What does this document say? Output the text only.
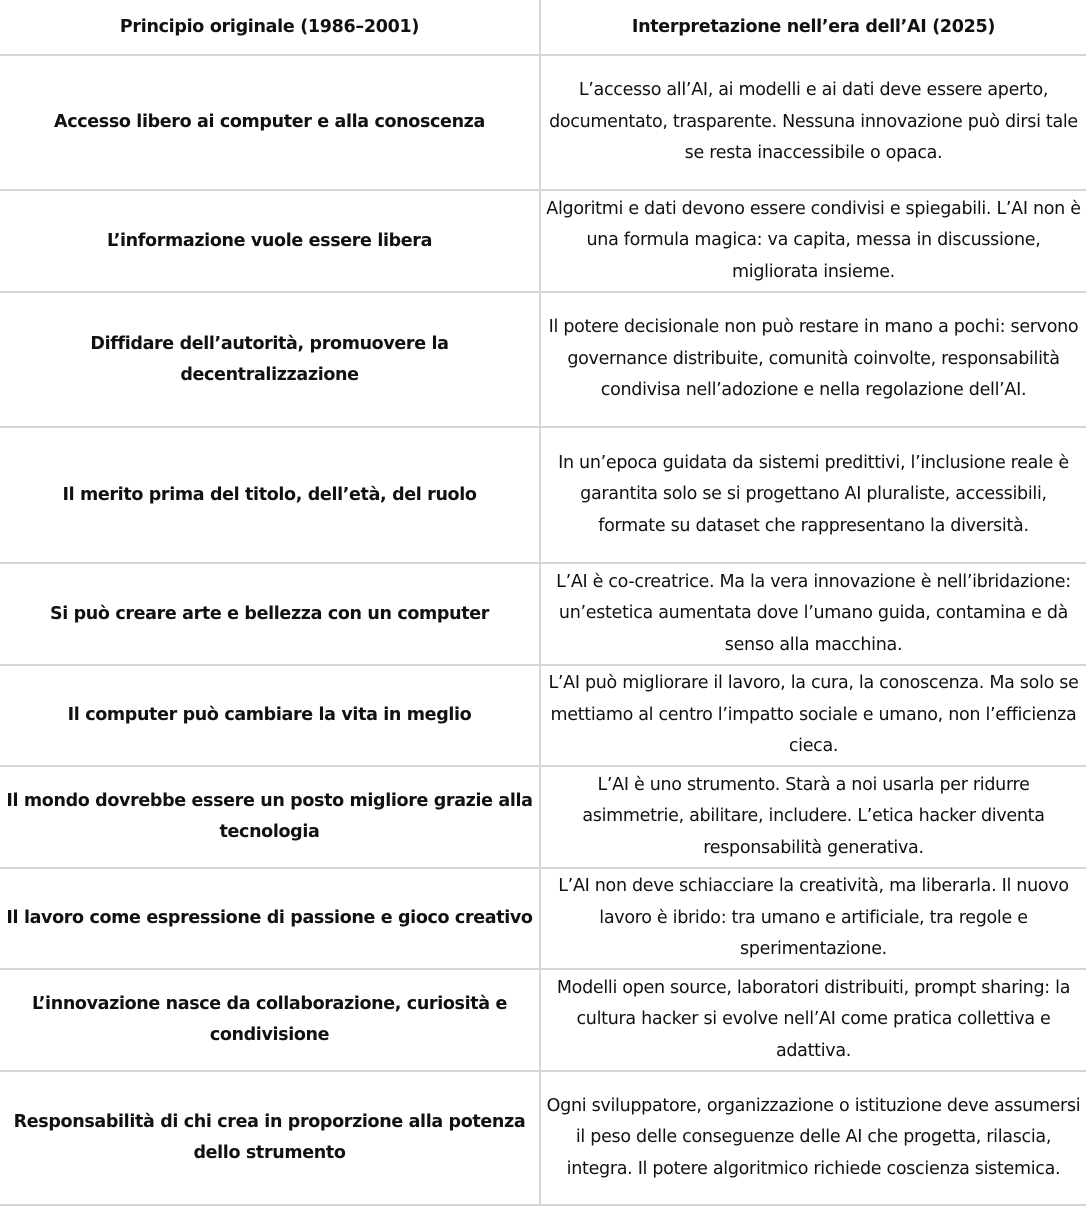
Principio originale (1986–2001)	Interpretazione nell’era dell’AI (2025)
Accesso libero ai computer e alla conoscenza	L’accesso all’AI, ai modelli e ai dati deve essere aperto, documentato, trasparente. Nessuna innovazione può dirsi tale se resta inaccessibile o opaca.
L’informazione vuole essere libera	Algoritmi e dati devono essere condivisi e spiegabili. L’AI non è una formula magica: va capita, messa in discussione, migliorata insieme.
Diffidare dell’autorità, promuovere la decentralizzazione	Il potere decisionale non può restare in mano a pochi: servono governance distribuite, comunità coinvolte, responsabilità condivisa nell’adozione e nella regolazione dell’AI.
Il merito prima del titolo, dell’età, del ruolo	In un’epoca guidata da sistemi predittivi, l’inclusione reale è garantita solo se si progettano AI pluraliste, accessibili, formate su dataset che rappresentano la diversità.
Si può creare arte e bellezza con un computer	L’AI è co-creatrice. Ma la vera innovazione è nell’ibridazione: un’estetica aumentata dove l’umano guida, contamina e dà senso alla macchina.
Il computer può cambiare la vita in meglio	L’AI può migliorare il lavoro, la cura, la conoscenza. Ma solo se mettiamo al centro l’impatto sociale e umano, non l’efficienza cieca.
Il mondo dovrebbe essere un posto migliore grazie alla tecnologia	L’AI è uno strumento. Starà a noi usarla per ridurre asimmetrie, abilitare, includere. L’etica hacker diventa responsabilità generativa.
Il lavoro come espressione di passione e gioco creativo	L’AI non deve schiacciare la creatività, ma liberarla. Il nuovo lavoro è ibrido: tra umano e artificiale, tra regole e sperimentazione.
L’innovazione nasce da collaborazione, curiosità e condivisione	Modelli open source, laboratori distribuiti, prompt sharing: la cultura hacker si evolve nell’AI come pratica collettiva e adattiva.
Responsabilità di chi crea in proporzione alla potenza dello strumento	Ogni sviluppatore, organizzazione o istituzione deve assumersi il peso delle conseguenze delle AI che progetta, rilascia, integra. Il potere algoritmico richiede coscienza sistemica.
